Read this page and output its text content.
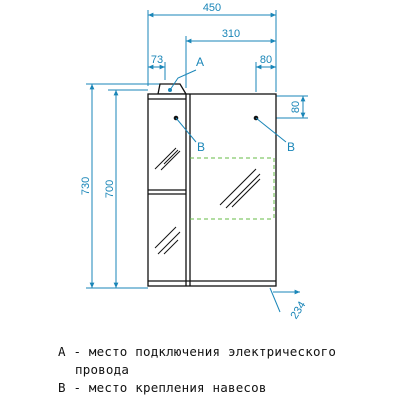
450
310
73	80
80
730 700
234
A
B	B
А - место подключения электрического
провода
В - место крепления навесов
